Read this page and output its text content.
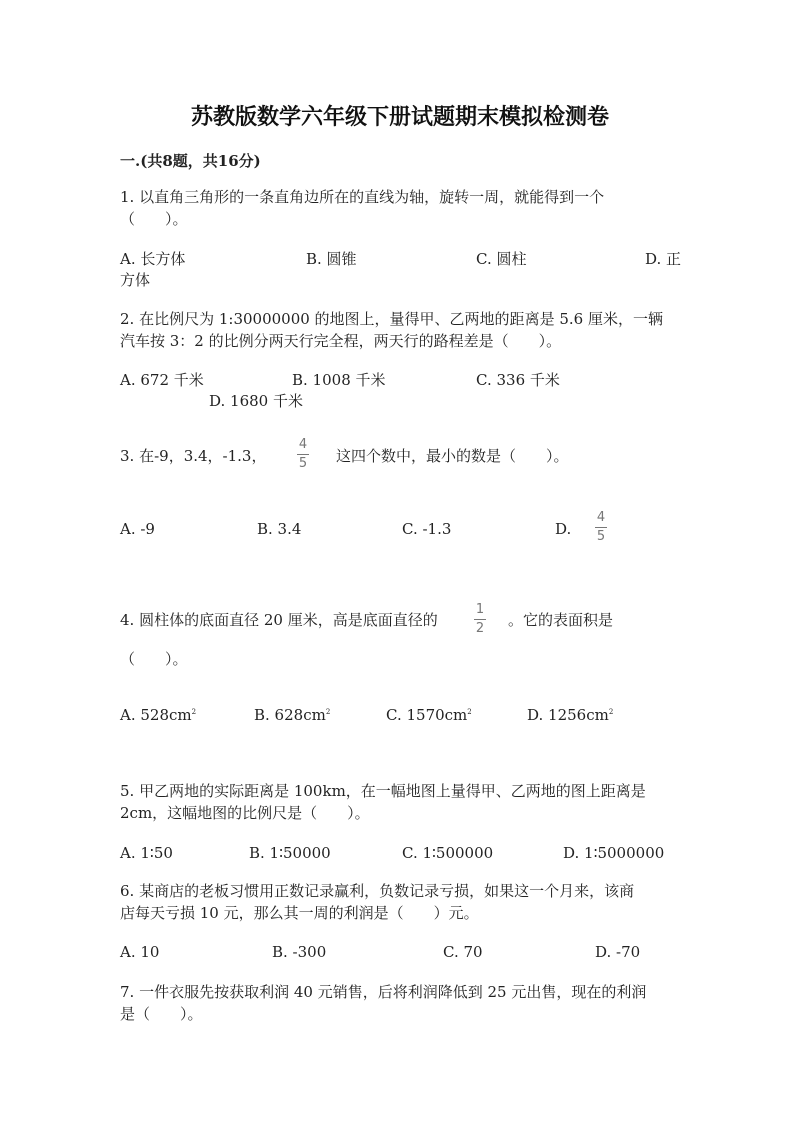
苏教版数学六年级下册试题期末模拟检测卷
一.(共8题，共16分)
1. 以直角三角形的一条直角边所在的直线为轴，旋转一周，就能得到一个
（　　）。
A. 长方体	B. 圆锥	C. 圆柱	D. 正
方体
2. 在比例尺为 1:30000000 的地图上，量得甲、乙两地的距离是 5.6 厘米，一辆
汽车按 3：2 的比例分两天行完全程，两天行的路程差是（　　）。
A. 672 千米	B. 1008 千米	C. 336 千米
D. 1680 千米
3. 在-9，3.4，-1.3，
4
5 这四个数中，最小的数是（　　）。
A. -9	B. 3.4	C. -1.3	D.
4
5
4. 圆柱体的底面直径 20 厘米，高是底面直径的
1
2 。它的表面积是
（　　）。
A. $528cm^2$	B. $628cm^2$	C. $1570cm^2$	D. $1256cm^2$
5. 甲乙两地的实际距离是 100km，在一幅地图上量得甲、乙两地的图上距离是
2cm，这幅地图的比例尺是（　　）。
A. 1∶50	B. 1∶50000	C. 1∶500000	D. 1∶5000000
6. 某商店的老板习惯用正数记录赢利，负数记录亏损，如果这一个月来，该商
店每天亏损 10 元，那么其一周的利润是（　　）元。
A. 10	B. -300	C. 70	D. -70
7. 一件衣服先按获取利润 40 元销售，后将利润降低到 25 元出售，现在的利润
是（　　）。
